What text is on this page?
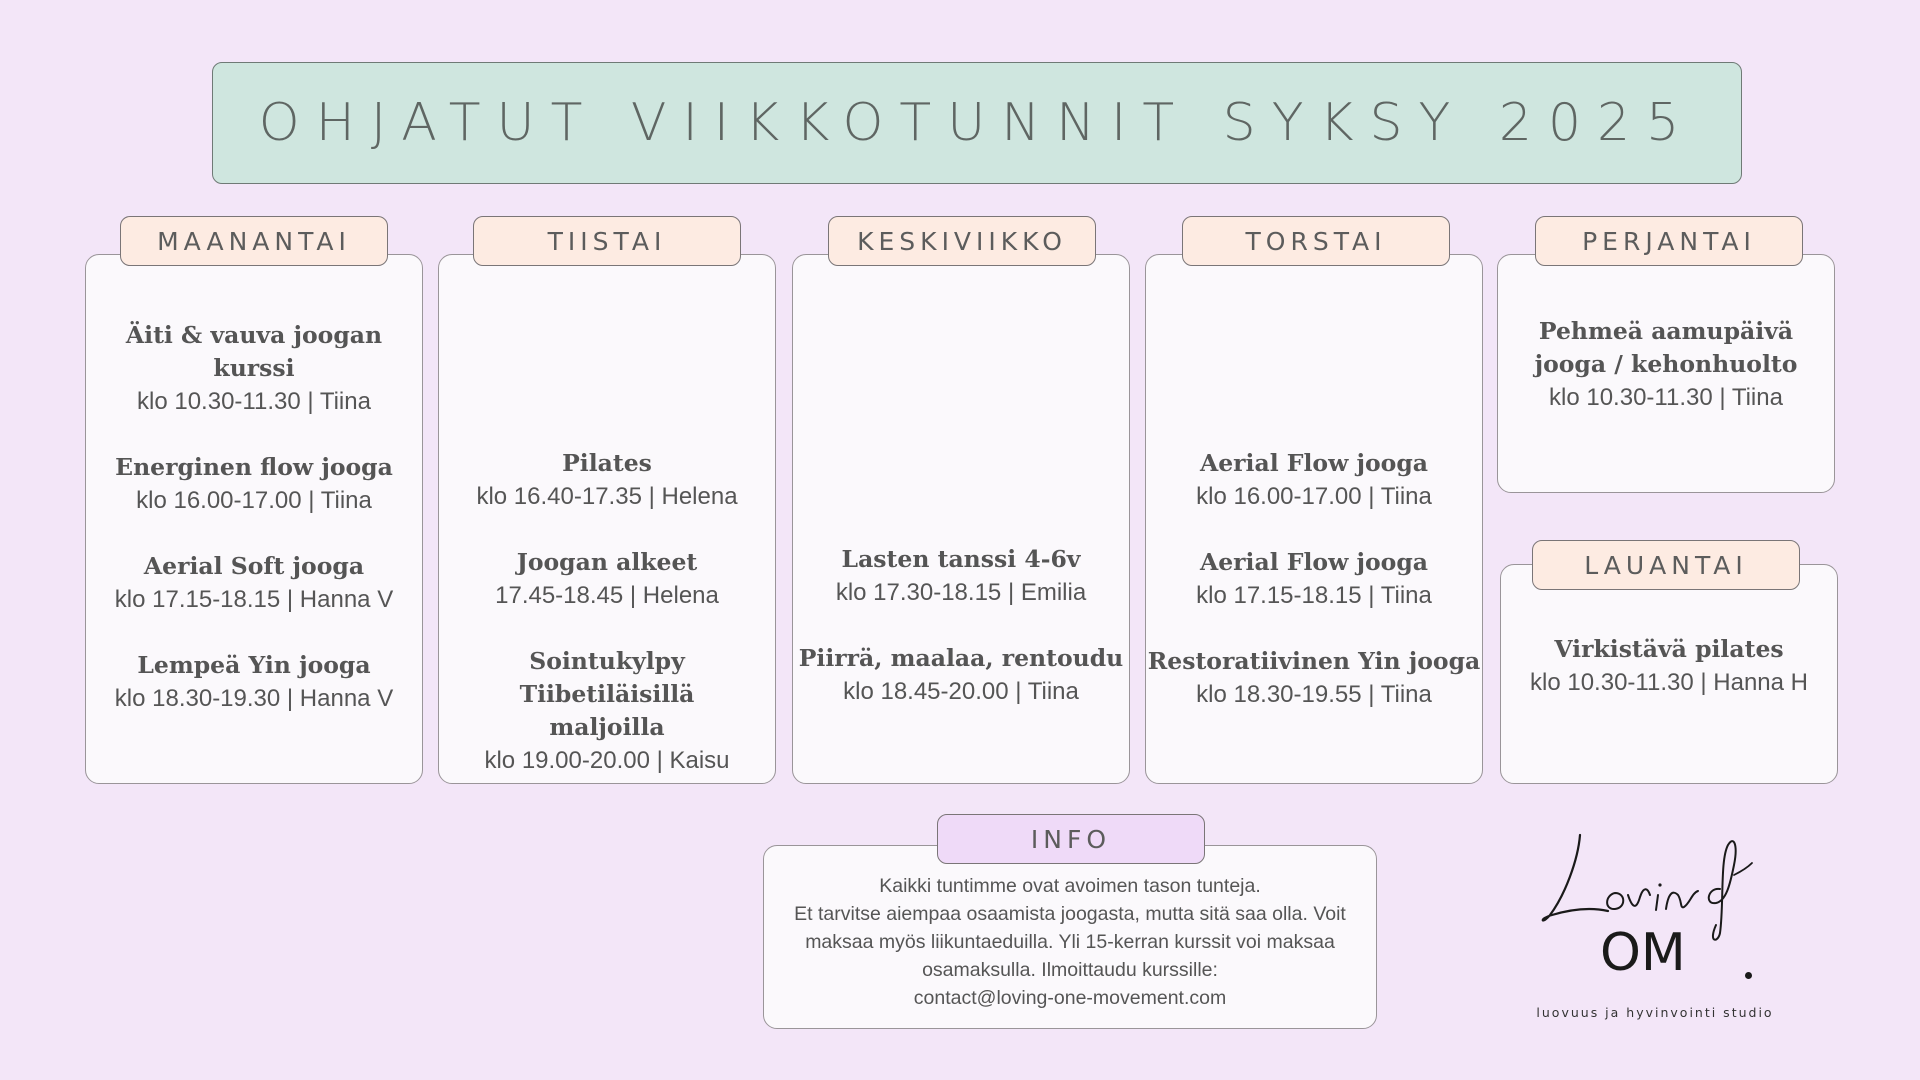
OHJATUT VIIKKOTUNNIT SYKSY 2025
Äiti & vauva joogan kurssi
klo 10.30-11.30 | Tiina
Energinen flow jooga
klo 16.00-17.00 | Tiina
Aerial Soft jooga
klo 17.15-18.15 | Hanna V
Lempeä Yin jooga
klo 18.30-19.30 | Hanna V
MAANANTAI
Pilates
klo 16.40-17.35 | Helena
Joogan alkeet
17.45-18.45 | Helena
Sointukylpy Tiibetiläisillä
maljoilla
klo 19.00-20.00 | Kaisu
TIISTAI
Lasten tanssi 4-6v
klo 17.30-18.15 | Emilia
Piirrä, maalaa, rentoudu
klo 18.45-20.00 | Tiina
KESKIVIIKKO
Aerial Flow jooga
klo 16.00-17.00 | Tiina
Aerial Flow jooga
klo 17.15-18.15 | Tiina
Restoratiivinen Yin jooga
klo 18.30-19.55 | Tiina
TORSTAI
Pehmeä aamupäivä
jooga / kehonhuolto
klo 10.30-11.30 | Tiina
PERJANTAI
Virkistävä pilates
klo 10.30-11.30 | Hanna H
LAUANTAI
Kaikki tuntimme ovat avoimen tason tunteja.
Et tarvitse aiempaa osaamista joogasta, mutta sitä saa olla. Voit
maksaa myös liikuntaeduilla. Yli 15-kerran kurssit voi maksaa
osamaksulla. Ilmoittaudu kurssille:
contact@loving-one-movement.com
INFO
OM
luovuus ja hyvinvointi studio
